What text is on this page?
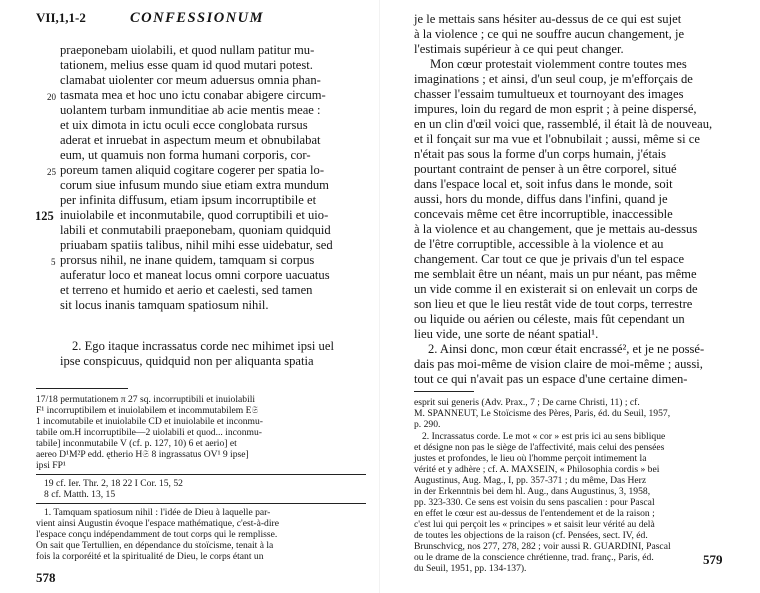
VII,1,1-2	CONFESSIONUM

praeponebam uiolabili, et quod nullam patitur mu-

tationem, melius esse quam id quod mutari potest.

clamabat uiolenter cor meum aduersus omnia phan-

tasmata mea et hoc uno ictu conabar abigere circum-

uolantem turbam inmunditiae ab acie mentis meae :

et uix dimota in ictu oculi ecce conglobata rursus

aderat et inruebat in aspectum meum et obnubilabat

eum, ut quamuis non forma humani corporis, cor-

poreum tamen aliquid cogitare cogerer per spatia lo-

corum siue infusum mundo siue etiam extra mundum

per infinita diffusum, etiam ipsum incorruptibile et

inuiolabile et inconmutabile, quod corruptibili et uio-

labili et conmutabili praeponebam, quoniam quidquid

priuabam spatiis talibus, nihil mihi esse uidebatur, sed

prorsus nihil, ne inane quidem, tamquam si corpus

auferatur loco et maneat locus omni corpore uacuatus

et terreno et humido et aerio et caelesti, sed tamen

sit locus inanis tamquam spatiosum nihil.

2. Ego itaque incrassatus corde nec mihimet ipsi uel

ipse conspicuus, quidquid non per aliquanta spatia

20
25
125
5

17/18 permutationem π 27 sq. incorruptibili et inuiolabili

F¹ incorruptibilem et inuiolabilem et incommutabilem E𝔖

1 incomutabile et inuiolabile CD et inuiolabile et inconmu-

tabile om.H incorruptibile—2 uiolabili et quod... inconmu-

tabile] inconmutabile V (cf. p. 127, 10) 6 et aerio] et

aereo D¹M²P edd. ętherio H𝔖 8 ingrassatus OV¹ 9 ipse]

ipsi FP¹

19 cf. Ier. Thr. 2, 18 22 I Cor. 15, 52

8 cf. Matth. 13, 15

1. Tamquam spatiosum nihil : l'idée de Dieu à laquelle par-

vient ainsi Augustin évoque l'espace mathématique, c'est-à-dire

l'espace conçu indépendamment de tout corps qui le remplisse.

On sait que Tertullien, en dépendance du stoïcisme, tenait à la

fois la corporéité et la spiritualité de Dieu, le corps étant un

578

je le mettais sans hésiter au-dessus de ce qui est sujet

à la violence ; ce qui ne souffre aucun changement, je

l'estimais supérieur à ce qui peut changer.

Mon cœur protestait violemment contre toutes mes

imaginations ; et ainsi, d'un seul coup, je m'efforçais de

chasser l'essaim tumultueux et tournoyant des images

impures, loin du regard de mon esprit ; à peine dispersé,

en un clin d'œil voici que, rassemblé, il était là de nouveau,

et il fonçait sur ma vue et l'obnubilait ; aussi, même si ce

n'était pas sous la forme d'un corps humain, j'étais

pourtant contraint de penser à un être corporel, situé

dans l'espace local et, soit infus dans le monde, soit

aussi, hors du monde, diffus dans l'infini, quand je

concevais même cet être incorruptible, inaccessible

à la violence et au changement, que je mettais au-dessus

de l'être corruptible, accessible à la violence et au

changement. Car tout ce que je privais d'un tel espace

me semblait être un néant, mais un pur néant, pas même

un vide comme il en existerait si on enlevait un corps de

son lieu et que le lieu restât vide de tout corps, terrestre

ou liquide ou aérien ou céleste, mais fût cependant un

lieu vide, une sorte de néant spatial¹.

2. Ainsi donc, mon cœur était encrassé², et je ne possé-

dais pas moi-même de vision claire de moi-même ; aussi,

tout ce qui n'avait pas un espace d'une certaine dimen-

esprit sui generis (Adv. Prax., 7 ; De carne Christi, 11) ; cf.

M. SPANNEUT, Le Stoïcisme des Pères, Paris, éd. du Seuil, 1957,

p. 290.

2. Incrassatus corde. Le mot « cor » est pris ici au sens biblique

et désigne non pas le siège de l'affectivité, mais celui des pensées

justes et profondes, le lieu où l'homme perçoit intimement la

vérité et y adhère ; cf. A. MAXSEIN, « Philosophia cordis » bei

Augustinus, Aug. Mag., I, pp. 357-371 ; du même, Das Herz

in der Erkenntnis bei dem hl. Aug., dans Augustinus, 3, 1958,

pp. 323-330. Ce sens est voisin du sens pascalien : pour Pascal

en effet le cœur est au-dessus de l'entendement et de la raison ;

c'est lui qui perçoit les « principes » et saisit leur vérité au delà

de toutes les objections de la raison (cf. Pensées, sect. IV, éd.

Brunschvicg, nos 277, 278, 282 ; voir aussi R. GUARDINI, Pascal

ou le drame de la conscience chrétienne, trad. franç., Paris, éd.

du Seuil, 1951, pp. 134-137).

579
